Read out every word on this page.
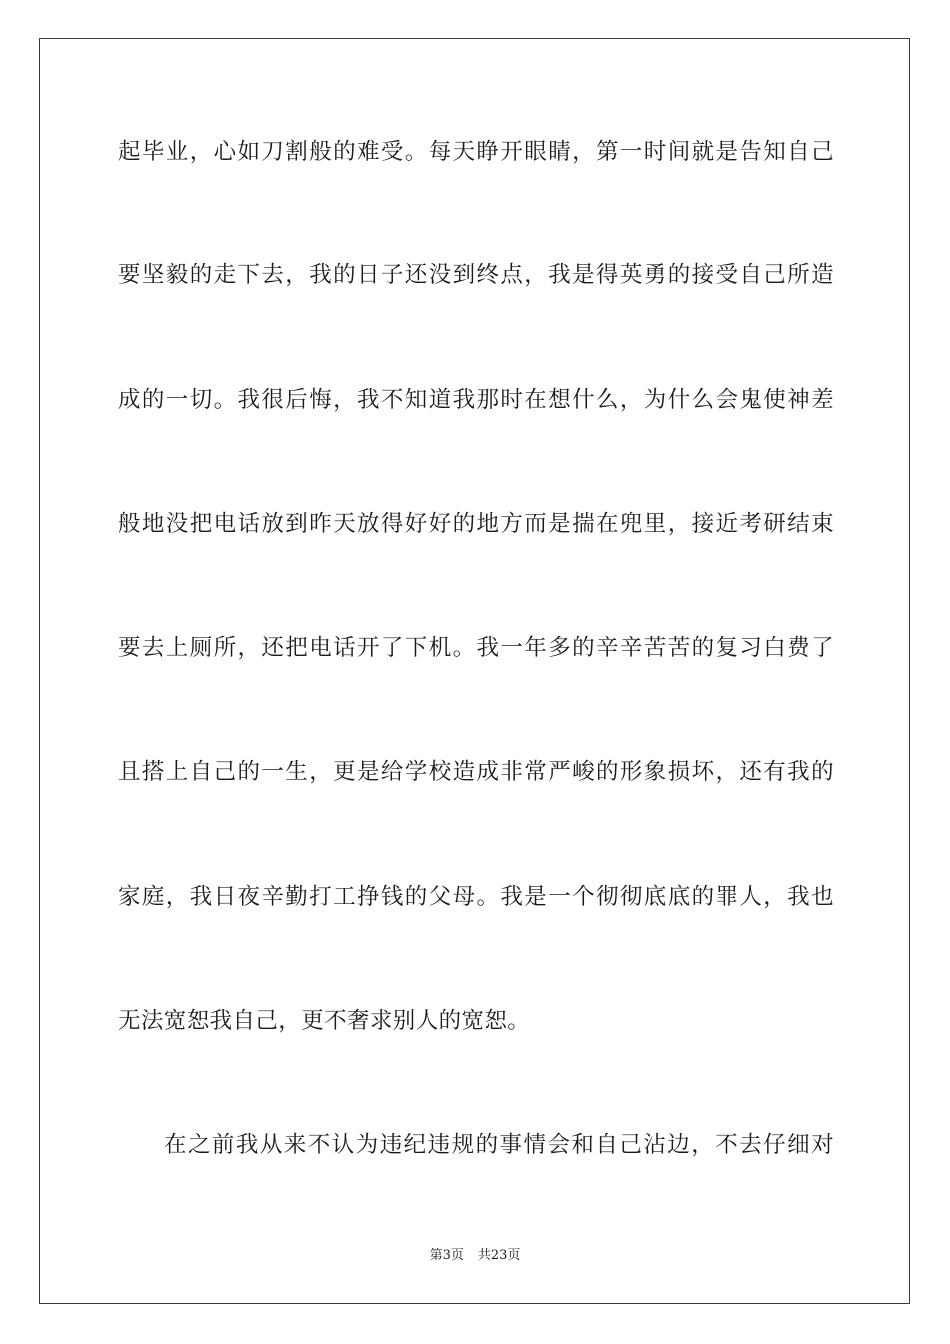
起毕业，心如刀割般的难受。每天睁开眼睛，第一时间就是告知自己
要坚毅的走下去，我的日子还没到终点，我是得英勇的接受自己所造
成的一切。我很后悔，我不知道我那时在想什么，为什么会鬼使神差
般地没把电话放到昨天放得好好的地方而是揣在兜里，接近考研结束
要去上厕所，还把电话开了下机。我一年多的辛辛苦苦的复习白费了
且搭上自己的一生，更是给学校造成非常严峻的形象损坏，还有我的
家庭，我日夜辛勤打工挣钱的父母。我是一个彻彻底底的罪人，我也
无法宽恕我自己，更不奢求别人的宽恕。
在之前我从来不认为违纪违规的事情会和自己沾边，不去仔细对
第3页 共23页
